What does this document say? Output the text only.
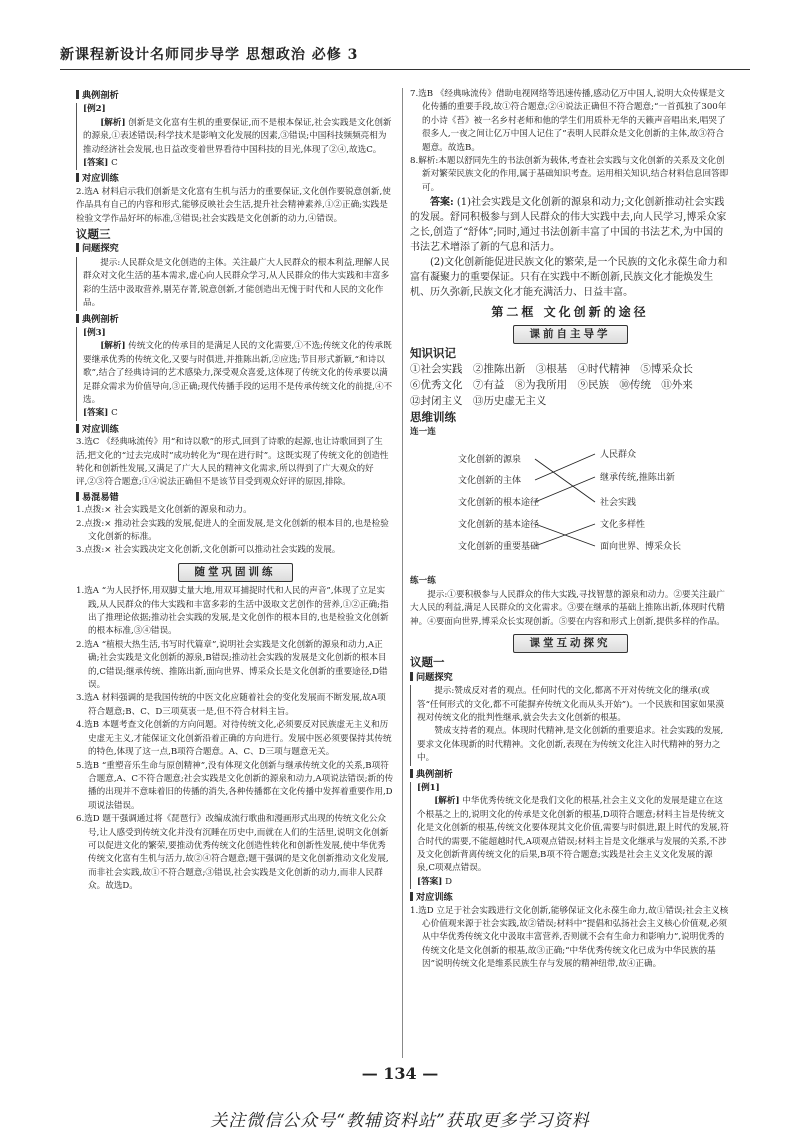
新课程新设计名师同步导学 思想政治 必修 3
典例剖析

[例2]

[解析] 创新是文化富有生机的重要保证,而不是根本保证,社会实践是文化创新的源泉,①表述错误;科学技术是影响文化发展的因素,③错误;中国科技频频亮相为推动经济社会发展,也日益改变着世界看待中国科技的目光,体现了②④,故选C。

[答案] C

对应训练

2.选A 材料启示我们创新是文化富有生机与活力的重要保证,文化创作要锐意创新,使作品具有自己的内容和形式,能够反映社会生活,提升社会精神素养,①②正确;实践是检验文学作品好坏的标准,③错误;社会实践是文化创新的动力,④错误。

议题三
问题探究

提示:人民群众是文化创造的主体。关注最广大人民群众的根本利益,理解人民群众对文化生活的基本需求,虚心向人民群众学习,从人民群众的伟大实践和丰富多彩的生活中汲取营养,剔芜存菁,锐意创新,才能创造出无愧于时代和人民的文化作品。

典例剖析

[例3]

[解析] 传统文化的传承目的是满足人民的文化需要,①不选;传统文化的传承既要继承优秀的传统文化,又要与时俱进,并推陈出新,②应选;节目形式新颖,“和诗以歌”,结合了经典诗词的艺术感染力,深受观众喜爱,这体现了传统文化的传承要以满足群众需求为价值导向,③正确;现代传播手段的运用不是传承传统文化的前提,④不选。

[答案] C

对应训练

3.选C 《经典咏流传》用“和诗以歌”的形式,回到了诗歌的起源,也让诗歌回到了生活,把文化的“过去完成时”成功转化为“现在进行时”。这既实现了传统文化的创造性转化和创新性发展,又满足了广大人民的精神文化需求,所以得到了广大观众的好评,②③符合题意;①④说法正确但不是该节目受到观众好评的原因,排除。

易混易错

1.点拨:× 社会实践是文化创新的源泉和动力。

2.点拨:× 推动社会实践的发展,促进人的全面发展,是文化创新的根本目的,也是检验文化创新的标准。

3.点拨:× 社会实践决定文化创新,文化创新可以推动社会实践的发展。

随堂巩固训练

1.选A “为人民抒怀,用双脚丈量大地,用双耳捕捉时代和人民的声音”,体现了立足实践,从人民群众的伟大实践和丰富多彩的生活中汲取文艺创作的营养,①②正确;指出了推理论依据;推动社会实践的发展,是文化创作的根本目的,也是检验文化创新的根本标准,③④错误。

2.选A “植根大热生活,书写时代篇章”,说明社会实践是文化创新的源泉和动力,A正确;社会实践是文化创新的源泉,B错误;推动社会实践的发展是文化创新的根本目的,C错误;继承传统、推陈出新,面向世界、博采众长是文化创新的重要途径,D错误。

3.选A 材料强调的是我国传统的中医文化应随着社会的变化发展而不断发展,故A项符合题意;B、C、D三项莫衷一是,但不符合材料主旨。

4.选B 本题考查文化创新的方向问题。对待传统文化,必须要反对民族虚无主义和历史虚无主义,才能保证文化创新沿着正确的方向进行。发展中医必须要保持其传统的特色,体现了这一点,B项符合题意。A、C、D三项与题意无关。

5.选B “重塑音乐生命与原创精神”,没有体现文化创新与继承传统文化的关系,B项符合题意,A、C不符合题意;社会实践是文化创新的源泉和动力,A项说法错误;新的传播的出现并不意味着旧的传播的消失,各种传播都在文化传播中发挥着重要作用,D项说法错误。

6.选D 题干强调通过将《琵琶行》改编成流行歌曲和漫画形式出现的传统文化公众号,让人感受到传统文化并没有沉睡在历史中,而就在人们的生活里,说明文化创新可以促进文化的繁荣,要推动优秀传统文化创造性转化和创新性发展,使中华优秀传统文化富有生机与活力,故②④符合题意;题干强调的是文化创新推动文化发展,而非社会实践,故①不符合题意;③错误,社会实践是文化创新的动力,而非人民群众。故选D。

7.选B 《经典咏流传》借助电视网络等迅速传播,感动亿万中国人,说明大众传媒是文化传播的重要手段,故①符合题意;②④说法正确但不符合题意;“一首孤独了300年的小诗《苔》被一名乡村老师和他的学生们用质朴无华的天籁声音唱出来,唱哭了很多人,一夜之间让亿万中国人记住了”表明人民群众是文化创新的主体,故③符合题意。故选B。

8.解析:本题以舒同先生的书法创新为载体,考查社会实践与文化创新的关系及文化创新对繁荣民族文化的作用,属于基础知识考查。运用相关知识,结合材料信息回答即可。

答案: (1)社会实践是文化创新的源泉和动力;文化创新推动社会实践的发展。舒同积极参与到人民群众的伟大实践中去,向人民学习,博采众家之长,创造了“舒体”;同时,通过书法创新丰富了中国的书法艺术,为中国的书法艺术增添了新的气息和活力。

(2)文化创新能促进民族文化的繁荣,是一个民族的文化永葆生命力和富有凝聚力的重要保证。只有在实践中不断创新,民族文化才能焕发生机、历久弥新,民族文化才能充满活力、日益丰富。

第二框 文化创新的途径
课前自主导学
知识识记
①社会实践 ②推陈出新 ③根基 ④时代精神 ⑤博采众长 ⑥优秀文化 ⑦有益 ⑧为我所用 ⑨民族 ⑩传统 ⑪外来 ⑫封闭主义 ⑬历史虚无主义
思维训练
连一连
文化创新的源泉
文化创新的主体
文化创新的根本途径
文化创新的基本途径
文化创新的重要基础
人民群众
继承传统,推陈出新
社会实践
文化多样性
面向世界、博采众长
练一练

提示:①要积极参与人民群众的伟大实践,寻找智慧的源泉和动力。②要关注最广大人民的利益,满足人民群众的文化需求。③要在继承的基础上推陈出新,体现时代精神。④要面向世界,博采众长实现创新。⑤要在内容和形式上创新,提供多样的作品。

课堂互动探究
议题一
问题探究

提示:赞成反对者的观点。任何时代的文化,都离不开对传统文化的继承(或答“任何形式的文化,都不可能摒弃传统文化而从头开始”)。一个民族和国家如果漠视对传统文化的批判性继承,就会失去文化创新的根基。

赞成支持者的观点。体现时代精神,是文化创新的重要追求。社会实践的发展,要求文化体现新的时代精神。文化创新,表现在为传统文化注入时代精神的努力之中。

典例剖析

[例1]

[解析] 中华优秀传统文化是我们文化的根基,社会主义文化的发展是建立在这个根基之上的,说明文化的传承是文化创新的根基,D项符合题意;材料主旨是传统文化是文化创新的根基,传统文化要体现其文化价值,需要与时俱进,跟上时代的发展,符合时代的需要,不能超越时代,A项观点错误;材料主旨是文化继承与发展的关系,不涉及文化创新背离传统文化的后果,B项不符合题意;实践是社会主义文化发展的源泉,C项观点错误。

[答案] D

对应训练

1.选D 立足于社会实践进行文化创新,能够保证文化永葆生命力,故①错误;社会主义核心价值观来源于社会实践,故②错误;材料中“提倡和弘扬社会主义核心价值观,必须从中华优秀传统文化中汲取丰富营养,否则就不会有生命力和影响力”,说明优秀的传统文化是文化创新的根基,故③正确;“中华优秀传统文化已成为中华民族的基因”说明传统文化是维系民族生存与发展的精神纽带,故④正确。

— 134 —
关注微信公众号“教辅资料站”获取更多学习资料
